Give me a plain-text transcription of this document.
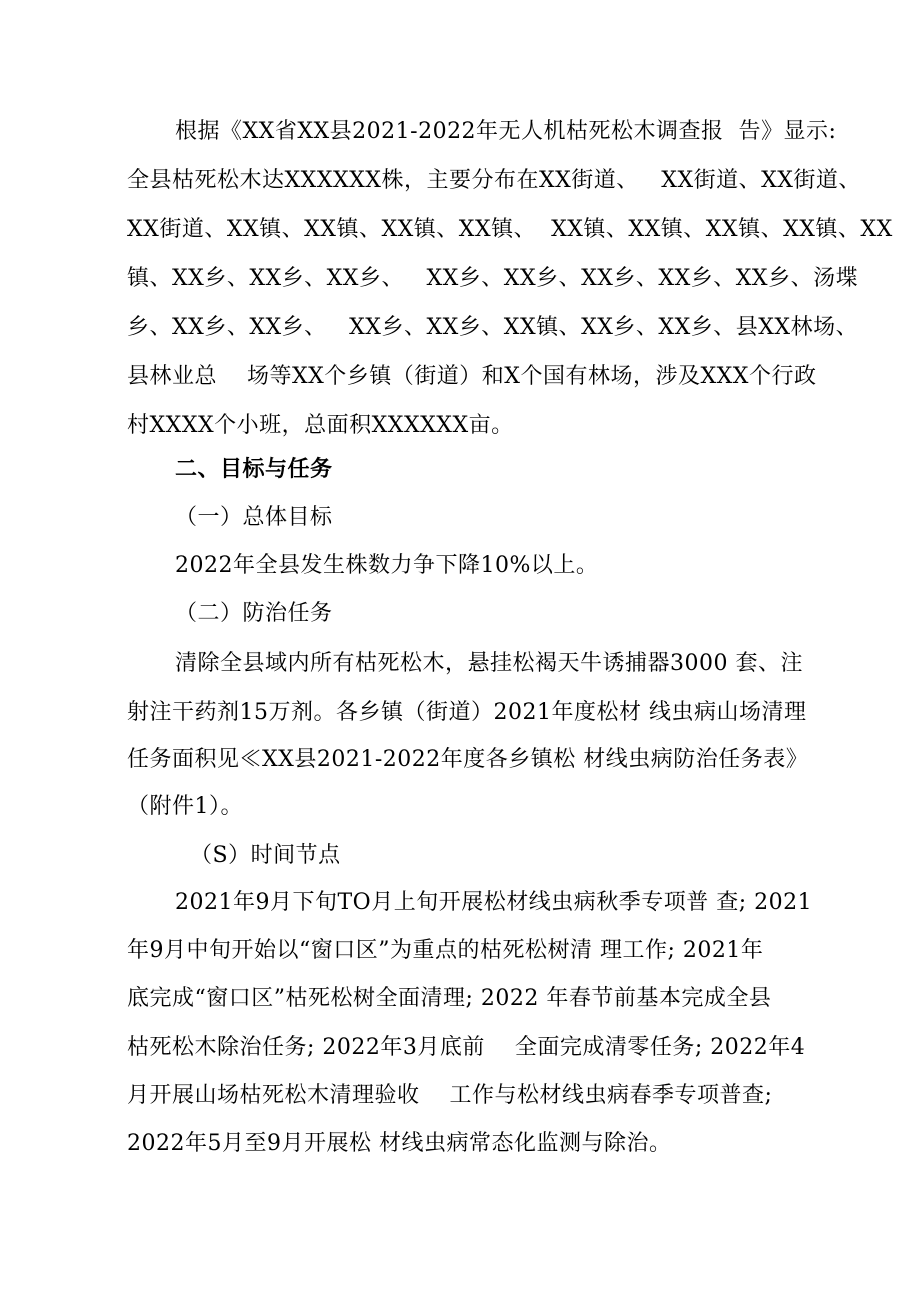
根据《XX省XX县2021-2022年无人机枯死松木调查报  告》显示:
全县枯死松木达XXXXXX株，主要分布在XX街道、   XX街道、XX街道、
XX街道、XX镇、XX镇、XX镇、XX镇、  XX镇、XX镇、XX镇、XX镇、XX
镇、XX乡、XX乡、XX乡、   XX乡、XX乡、XX乡、XX乡、XX乡、汤堞
乡、XX乡、XX乡、   XX乡、XX乡、XX镇、XX乡、XX乡、县XX林场、
县林业总    场等XX个乡镇（街道）和X个国有林场，涉及XXX个行政
村XXXX个小班，总面积XXXXXX亩。
二、目标与任务
（一）总体目标
2022年全县发生株数力争下降10%以上。
（二）防治任务
清除全县域内所有枯死松木，悬挂松褐天牛诱捕器3000 套、注
射注干药剂15万剂。各乡镇（街道）2021年度松材 线虫病山场清理
任务面积见≪XX县2021-2022年度各乡镇松 材线虫病防治任务表》
（附件1）。
（S）时间节点
2021年9月下旬TO月上旬开展松材线虫病秋季专项普 查; 2021
年9月中旬开始以“窗口区”为重点的枯死松树清 理工作; 2021年
底完成“窗口区”枯死松树全面清理; 2022 年春节前基本完成全县
枯死松木除治任务; 2022年3月底前    全面完成清零任务; 2022年4
月开展山场枯死松木清理验收    工作与松材线虫病春季专项普查;
2022年5月至9月开展松 材线虫病常态化监测与除治。
